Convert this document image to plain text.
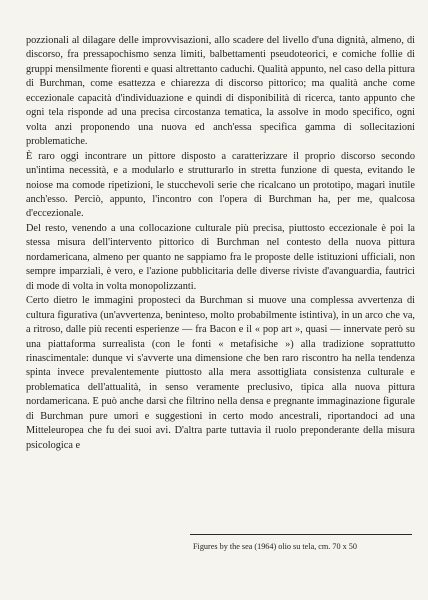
pozzionali al dilagare delle improvvisazioni, allo scadere del livello d'una dignità, almeno, di discorso, fra pressapochismo senza limiti, balbettamenti pseudoteorici, e comiche follie di gruppi mensilmente fiorenti e quasi altrettanto caduchi. Qualità appunto, nel caso della pittura di Burchman, come esattezza e chiarezza di discorso pittorico; ma qualità anche come eccezionale capacità d'individuazione e quindi di disponibilità di ricerca, tanto appunto che ogni tela risponde ad una precisa circostanza tematica, la assolve in modo specifico, ogni volta anzi proponendo una nuova ed anch'essa specifica gamma di sollecitazioni problematiche.

È raro oggi incontrare un pittore disposto a caratterizzare il proprio discorso secondo un'intima necessità, e a modularlo e strutturarlo in stretta funzione di questa, evitando le noiose ma comode ripetizioni, le stucchevoli serie che ricalcano un prototipo, magari inutile anch'esso. Perciò, appunto, l'incontro con l'opera di Burchman ha, per me, qualcosa d'eccezionale.

Del resto, venendo a una collocazione culturale più precisa, piuttosto eccezionale è poi la stessa misura dell'intervento pittorico di Burchman nel contesto della nuova pittura nordamericana, almeno per quanto ne sappiamo fra le proposte delle istituzioni ufficiali, non sempre imparziali, è vero, e l'azione pubblicitaria delle diverse riviste d'avanguardia, fautrici di mode di volta in volta monopolizzanti.

Certo dietro le immagini proposteci da Burchman si muove una complessa avvertenza di cultura figurativa (un'avvertenza, beninteso, molto probabilmente istintiva), in un arco che va, a ritroso, dalle più recenti esperienze — fra Bacon e il « pop art », quasi — innervate però su una piattaforma surrealista (con le fonti « metafisiche ») alla tradizione soprattutto rinascimentale: dunque vi s'avverte una dimensione che ben raro riscontro ha nella tendenza spinta invece prevalentemente piuttosto alla mera assottigliata consistenza culturale e problematica dell'attualità, in senso veramente preclusivo, tipica alla nuova pittura nordamericana. E può anche darsi che filtrino nella densa e pregnante immaginazione figurale di Burchman pure umori e suggestioni in certo modo ancestrali, riportandoci ad una Mitteleuropea che fu dei suoi avi. D'altra parte tuttavia il ruolo preponderante della misura psicologica e

Figures by the sea (1964) olio su tela, cm. 70 x 50
